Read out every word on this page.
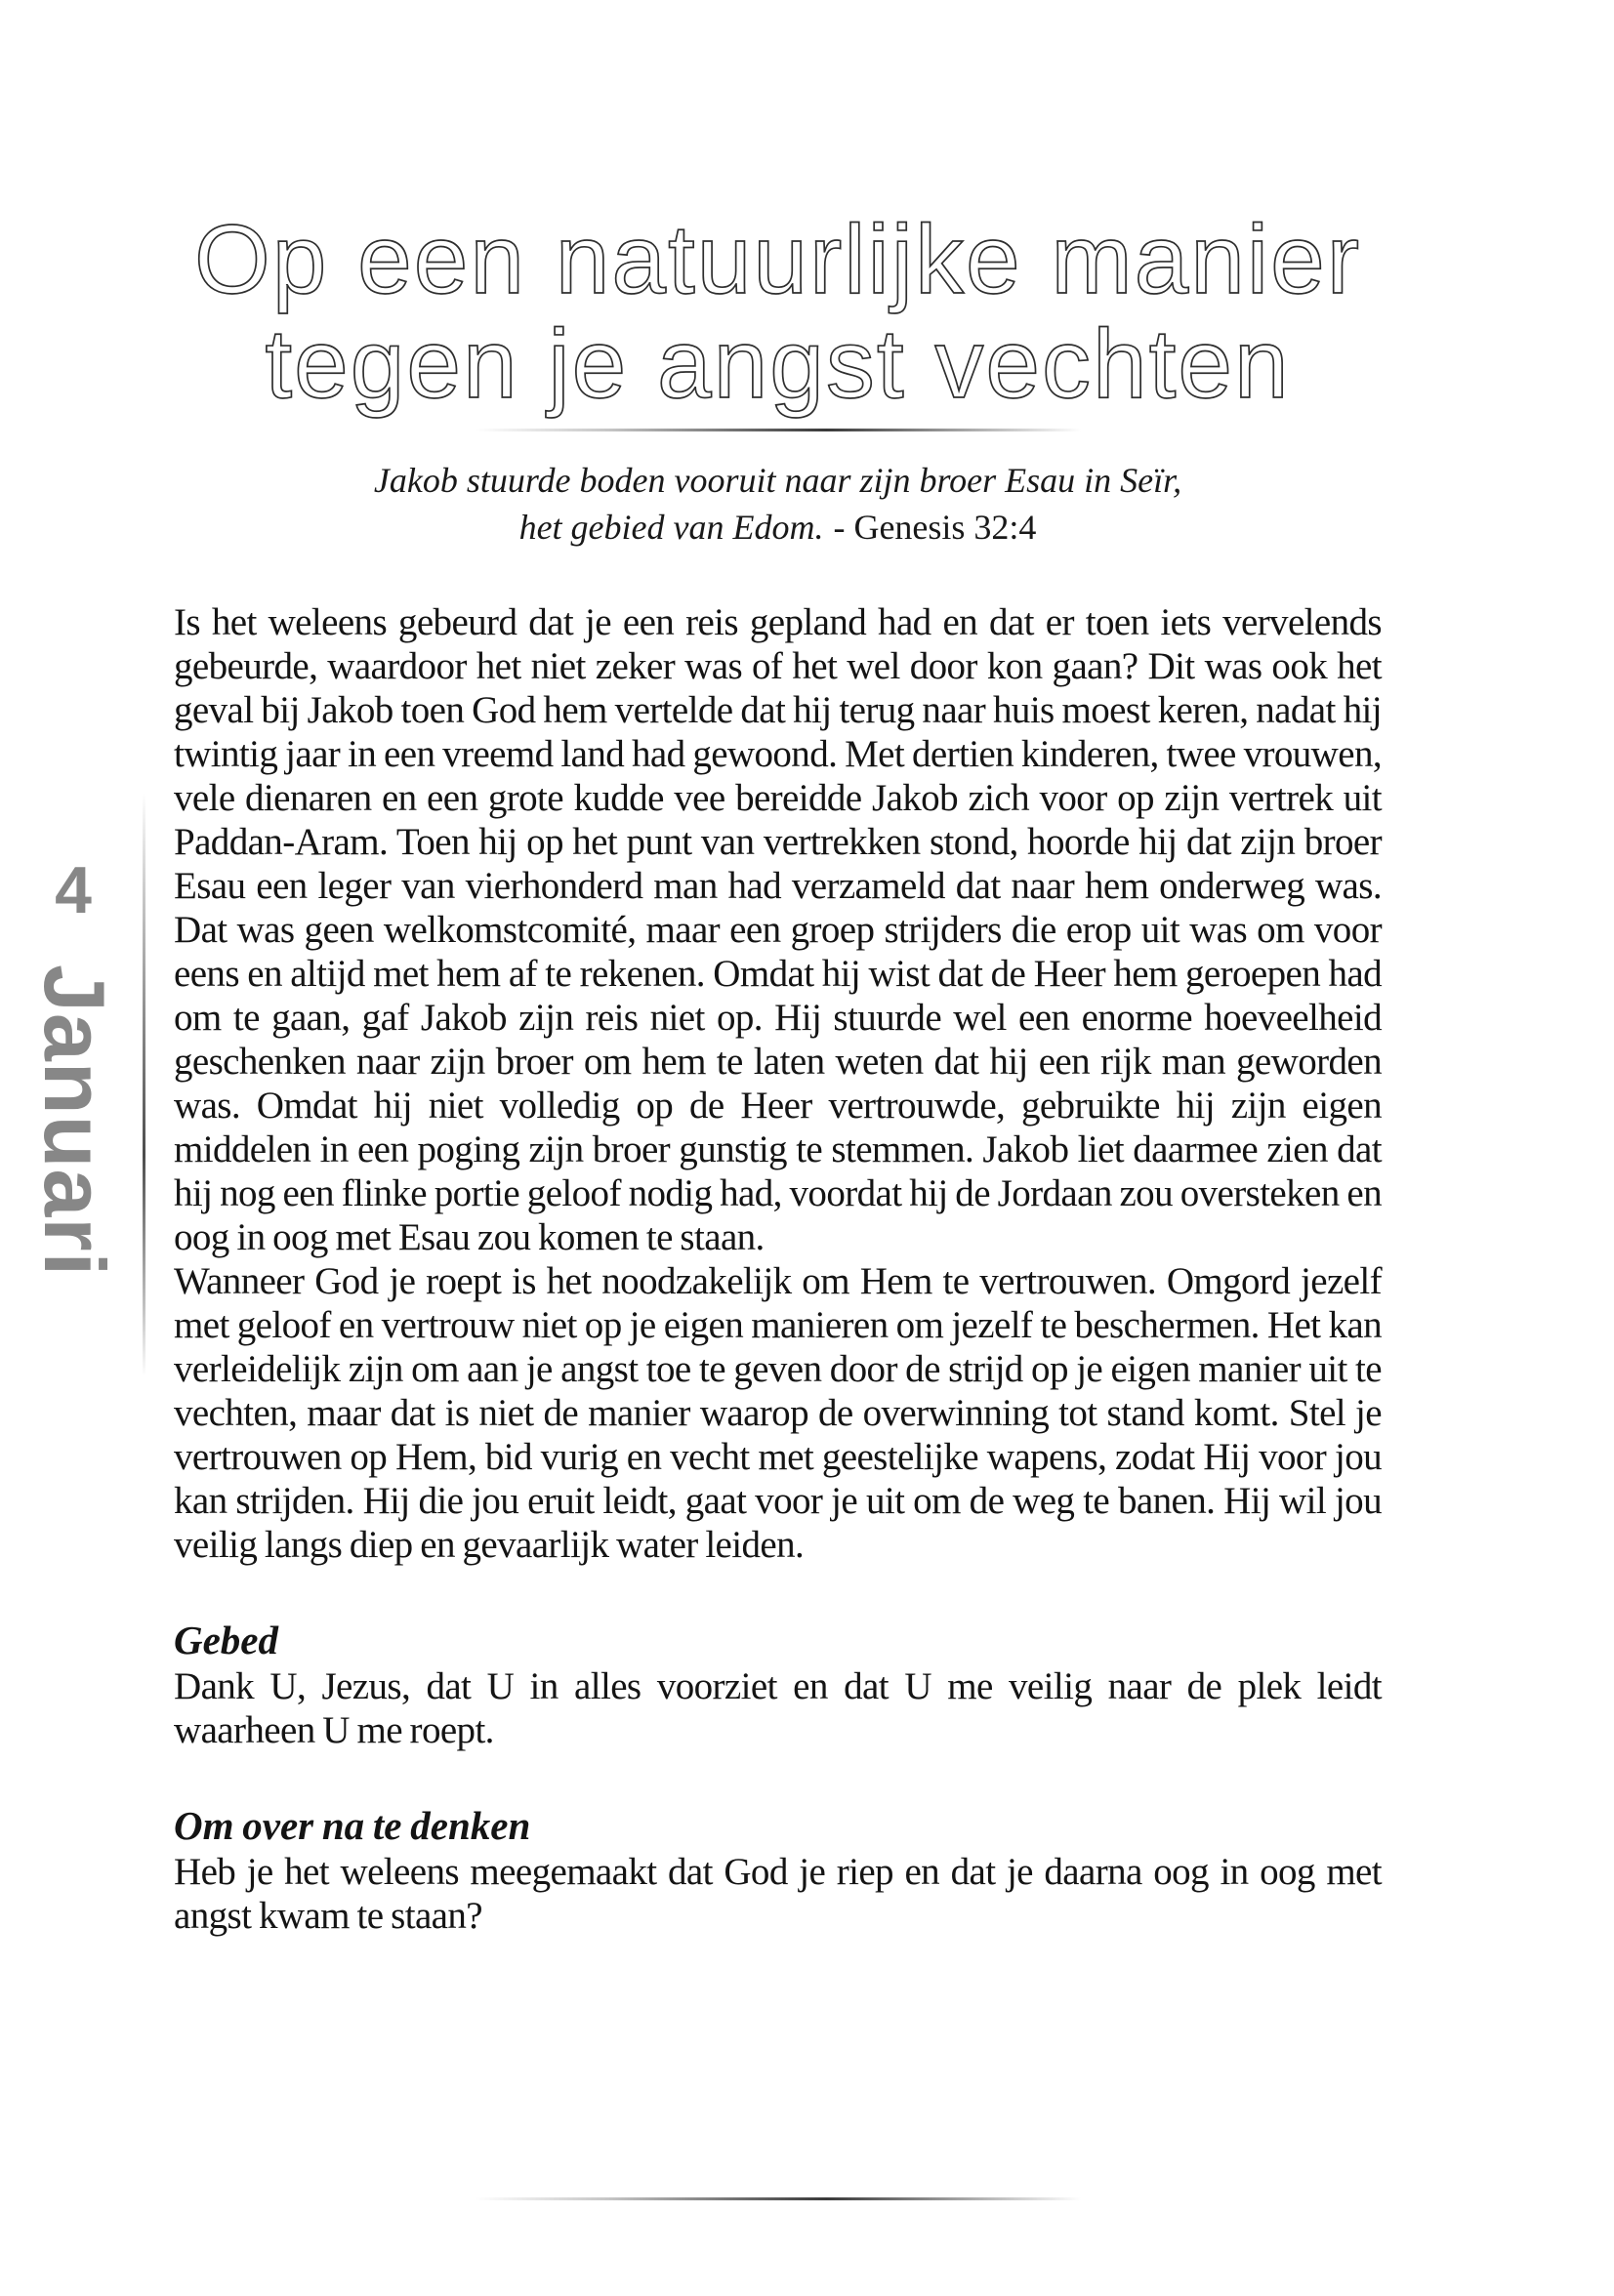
Op een natuurlijke manier
tegen je angst vechten
Jakob stuurde boden vooruit naar zijn broer Esau in Seïr,
het gebied van Edom. - Genesis 32:4
4
Januari

Is het weleens gebeurd dat je een reis gepland had en dat er toen iets vervelends gebeurde, waardoor het niet zeker was of het wel door kon gaan? Dit was ook het geval bij Jakob toen God hem vertelde dat hij terug naar huis moest keren, nadat hij twintig jaar in een vreemd land had gewoond. Met dertien kinderen, twee vrouwen, vele dienaren en een grote kudde vee bereidde Jakob zich voor op zijn vertrek uit Paddan-Aram. Toen hij op het punt van vertrekken stond, hoorde hij dat zijn broer Esau een leger van vierhonderd man had verzameld dat naar hem onderweg was. Dat was geen welkomstcomité, maar een groep strijders die erop uit was om voor eens en altijd met hem af te rekenen. Omdat hij wist dat de Heer hem geroepen had om te gaan, gaf Jakob zijn reis niet op. Hij stuurde wel een enorme hoeveelheid geschenken naar zijn broer om hem te laten weten dat hij een rijk man geworden was. Omdat hij niet volledig op de Heer vertrouwde, gebruikte hij zijn eigen middelen in een poging zijn broer gunstig te stemmen. Jakob liet daarmee zien dat hij nog een flinke portie geloof nodig had, voordat hij de Jordaan zou oversteken en oog in oog met Esau zou komen te staan.

Wanneer God je roept is het noodzakelijk om Hem te vertrouwen. Omgord jezelf met geloof en vertrouw niet op je eigen manieren om jezelf te beschermen. Het kan verleidelijk zijn om aan je angst toe te geven door de strijd op je eigen manier uit te vechten, maar dat is niet de manier waarop de overwinning tot stand komt. Stel je vertrouwen op Hem, bid vurig en vecht met geestelijke wapens, zodat Hij voor jou kan strijden. Hij die jou eruit leidt, gaat voor je uit om de weg te banen. Hij wil jou veilig langs diep en gevaarlijk water leiden.

Gebed

Dank U, Jezus, dat U in alles voorziet en dat U me veilig naar de plek leidt waarheen U me roept.

Om over na te denken

Heb je het weleens meegemaakt dat God je riep en dat je daarna oog in oog met angst kwam te staan?
